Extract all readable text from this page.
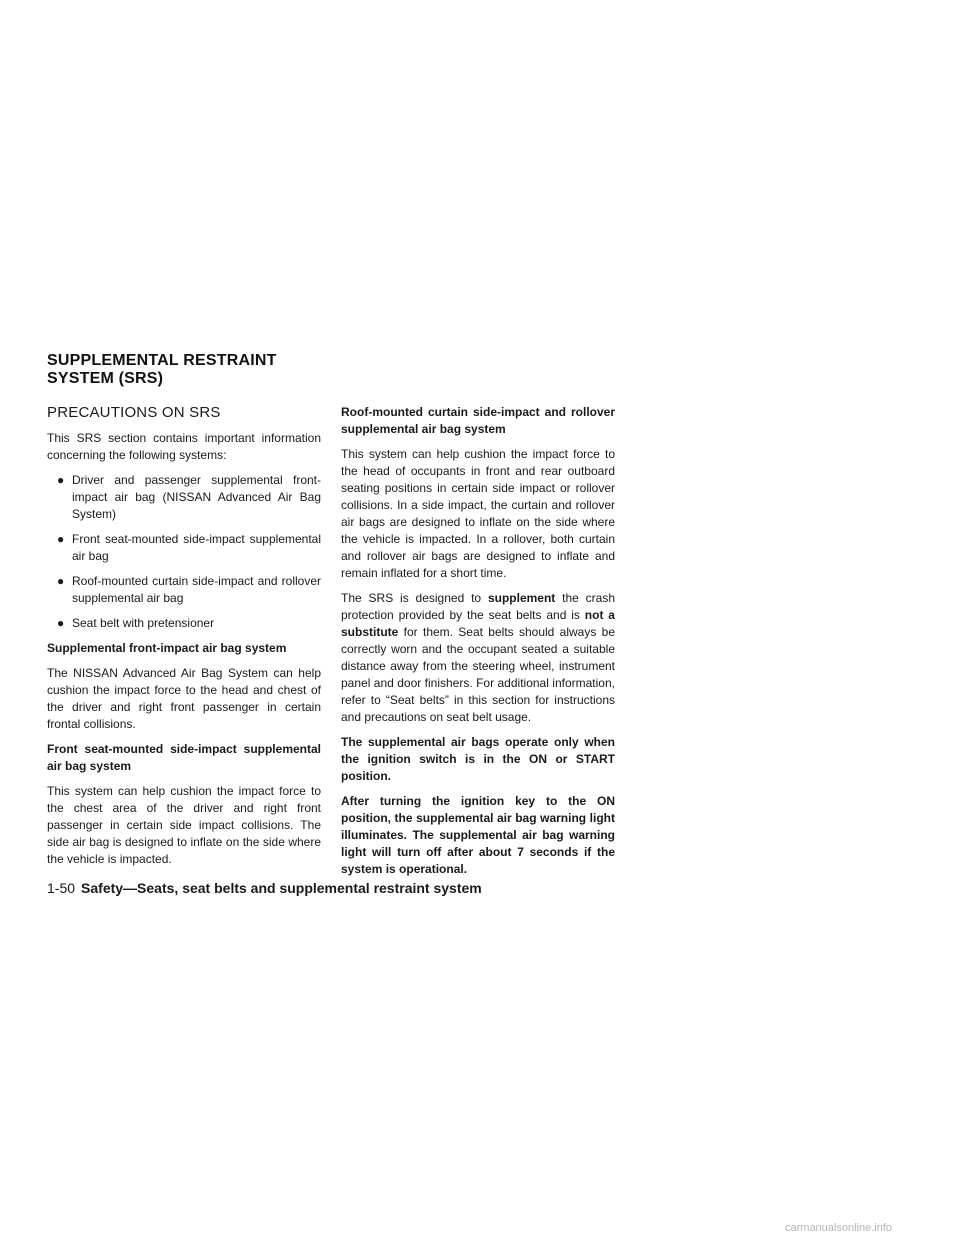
SUPPLEMENTAL RESTRAINT
SYSTEM (SRS)
PRECAUTIONS ON SRS

This SRS section contains important information concerning the following systems:

● Driver and passenger supplemental front-impact air bag (NISSAN Advanced Air Bag System)
● Front seat-mounted side-impact supplemental air bag
● Roof-mounted curtain side-impact and rollover supplemental air bag
● Seat belt with pretensioner
Supplemental front-impact air bag system

The NISSAN Advanced Air Bag System can help cushion the impact force to the head and chest of the driver and right front passenger in certain frontal collisions.

Front seat-mounted side-impact supplemental air bag system

This system can help cushion the impact force to the chest area of the driver and right front passenger in certain side impact collisions. The side air bag is designed to inflate on the side where the vehicle is impacted.

Roof-mounted curtain side-impact and rollover supplemental air bag system

This system can help cushion the impact force to the head of occupants in front and rear outboard seating positions in certain side impact or rollover collisions. In a side impact, the curtain and rollover air bags are designed to inflate on the side where the vehicle is impacted. In a rollover, both curtain and rollover air bags are designed to inflate and remain inflated for a short time.

The SRS is designed to supplement the crash protection provided by the seat belts and is not a substitute for them. Seat belts should always be correctly worn and the occupant seated a suitable distance away from the steering wheel, instrument panel and door finishers. For additional information, refer to “Seat belts” in this section for instructions and precautions on seat belt usage.

The supplemental air bags operate only when the ignition switch is in the ON or START position.

After turning the ignition key to the ON position, the supplemental air bag warning light illuminates. The supplemental air bag warning light will turn off after about 7 seconds if the system is operational.

1-50 Safety—Seats, seat belts and supplemental restraint system
carmanualsonline.info
